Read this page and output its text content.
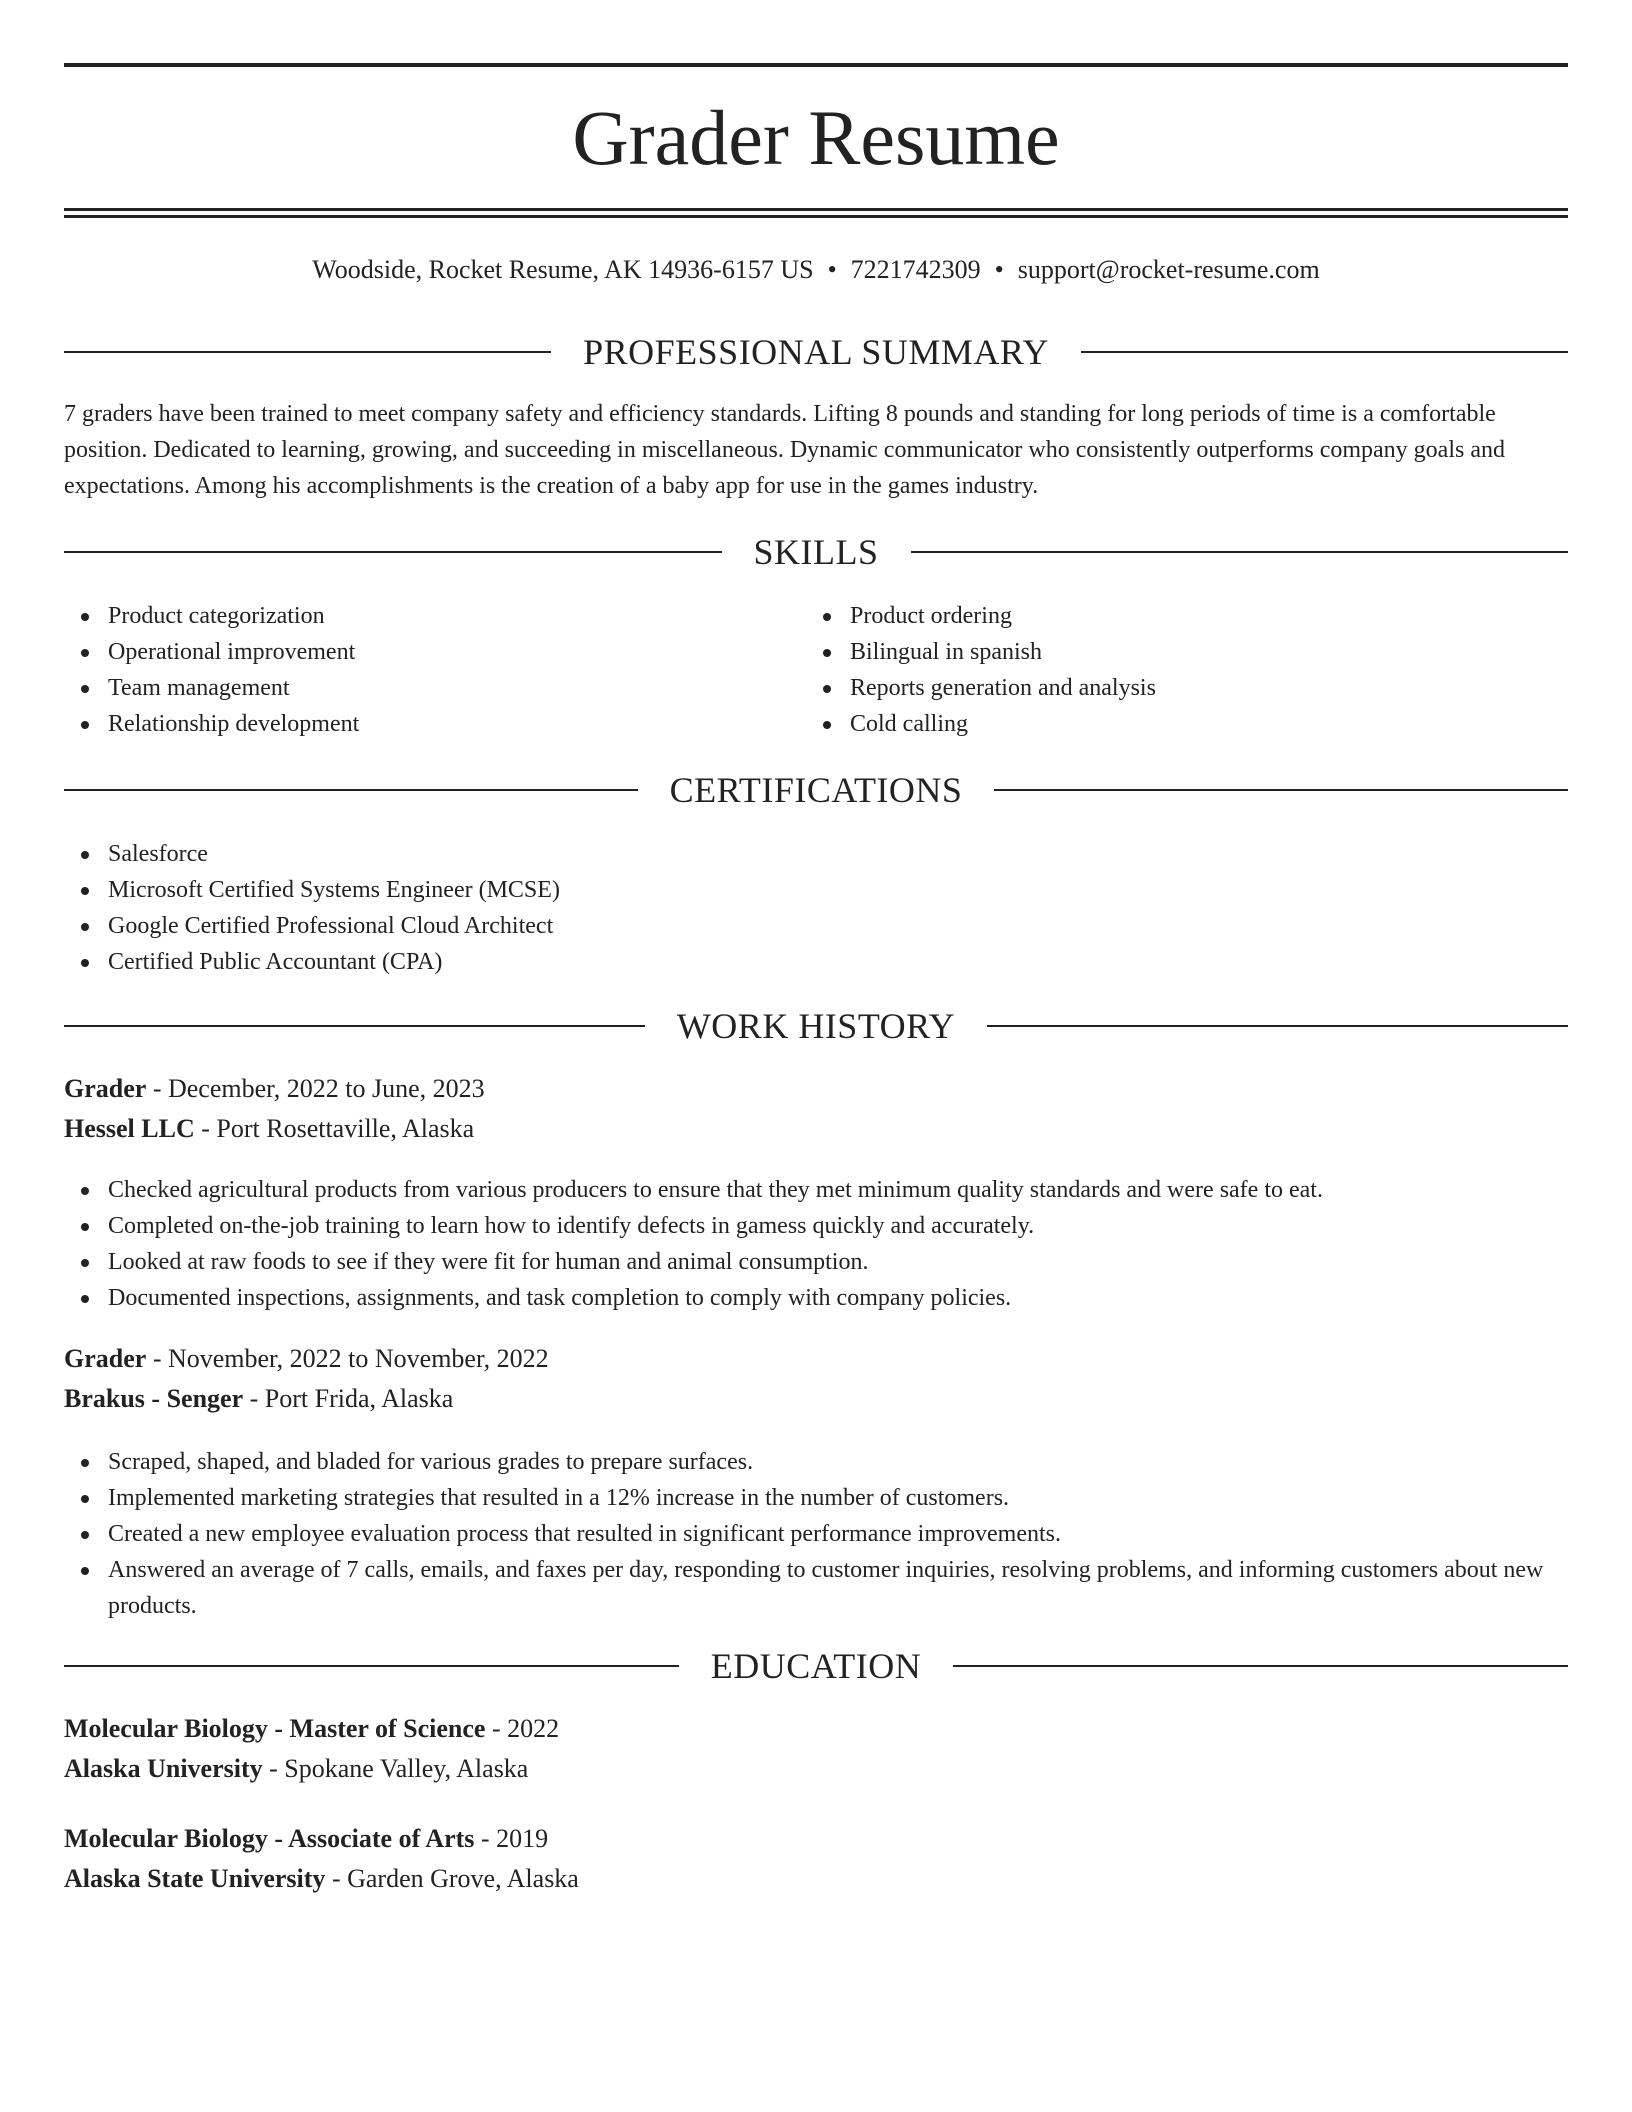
Grader Resume
Woodside, Rocket Resume, AK 14936-6157 US • 7221742309 • support@rocket-resume.com
PROFESSIONAL SUMMARY

7 graders have been trained to meet company safety and efficiency standards. Lifting 8 pounds and standing for long periods of time is a comfortable position. Dedicated to learning, growing, and succeeding in miscellaneous. Dynamic communicator who consistently outperforms company goals and expectations. Among his accomplishments is the creation of a baby app for use in the games industry.

SKILLS
Product categorization
Operational improvement
Team management
Relationship development
Product ordering
Bilingual in spanish
Reports generation and analysis
Cold calling
CERTIFICATIONS
Salesforce
Microsoft Certified Systems Engineer (MCSE)
Google Certified Professional Cloud Architect
Certified Public Accountant (CPA)
WORK HISTORY
Grader - December, 2022 to June, 2023
Hessel LLC - Port Rosettaville, Alaska
Checked agricultural products from various producers to ensure that they met minimum quality standards and were safe to eat.
Completed on-the-job training to learn how to identify defects in gamess quickly and accurately.
Looked at raw foods to see if they were fit for human and animal consumption.
Documented inspections, assignments, and task completion to comply with company policies.
Grader - November, 2022 to November, 2022
Brakus - Senger - Port Frida, Alaska
Scraped, shaped, and bladed for various grades to prepare surfaces.
Implemented marketing strategies that resulted in a 12% increase in the number of customers.
Created a new employee evaluation process that resulted in significant performance improvements.
Answered an average of 7 calls, emails, and faxes per day, responding to customer inquiries, resolving problems, and informing customers about new products.
EDUCATION
Molecular Biology - Master of Science - 2022
Alaska University - Spokane Valley, Alaska
Molecular Biology - Associate of Arts - 2019
Alaska State University - Garden Grove, Alaska
